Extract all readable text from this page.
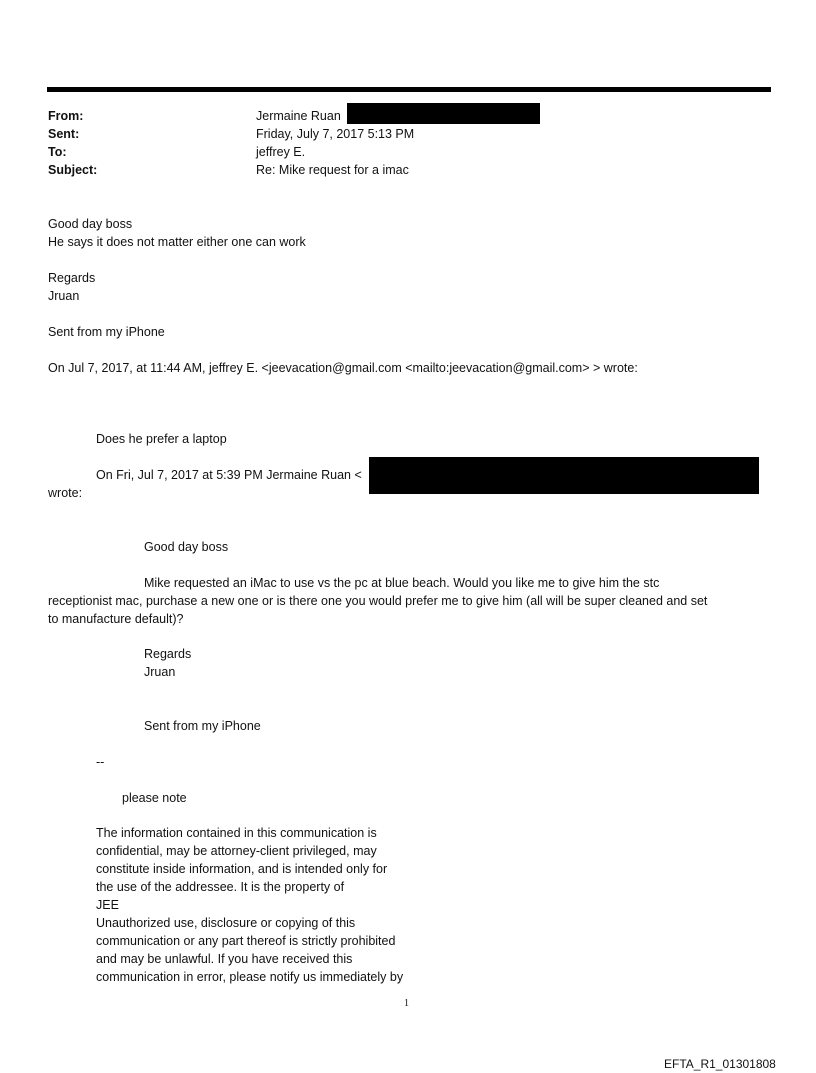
From:	Jermaine Ruan
Sent:	Friday, July 7, 2017 5:13 PM
To:	jeffrey E.
Subject:	Re: Mike request for a imac
Good day boss
He says it does not matter either one can work
Regards
Jruan
Sent from my iPhone
On Jul 7, 2017, at 11:44 AM, jeffrey E. <jeevacation@gmail.com <mailto:jeevacation@gmail.com> > wrote:
Does he prefer a laptop
On Fri, Jul 7, 2017 at 5:39 PM Jermaine Ruan <
wrote:
Good day boss
Mike requested an iMac to use vs the pc at blue beach. Would you like me to give him the stc
receptionist mac, purchase a new one or is there one you would prefer me to give him (all will be super cleaned and set
to manufacture default)?
Regards
Jruan
Sent from my iPhone
--
please note
The information contained in this communication is
confidential, may be attorney-client privileged, may
constitute inside information, and is intended only for
the use of the addressee. It is the property of
JEE
Unauthorized use, disclosure or copying of this
communication or any part thereof is strictly prohibited
and may be unlawful. If you have received this
communication in error, please notify us immediately by
1
EFTA_R1_01301808
